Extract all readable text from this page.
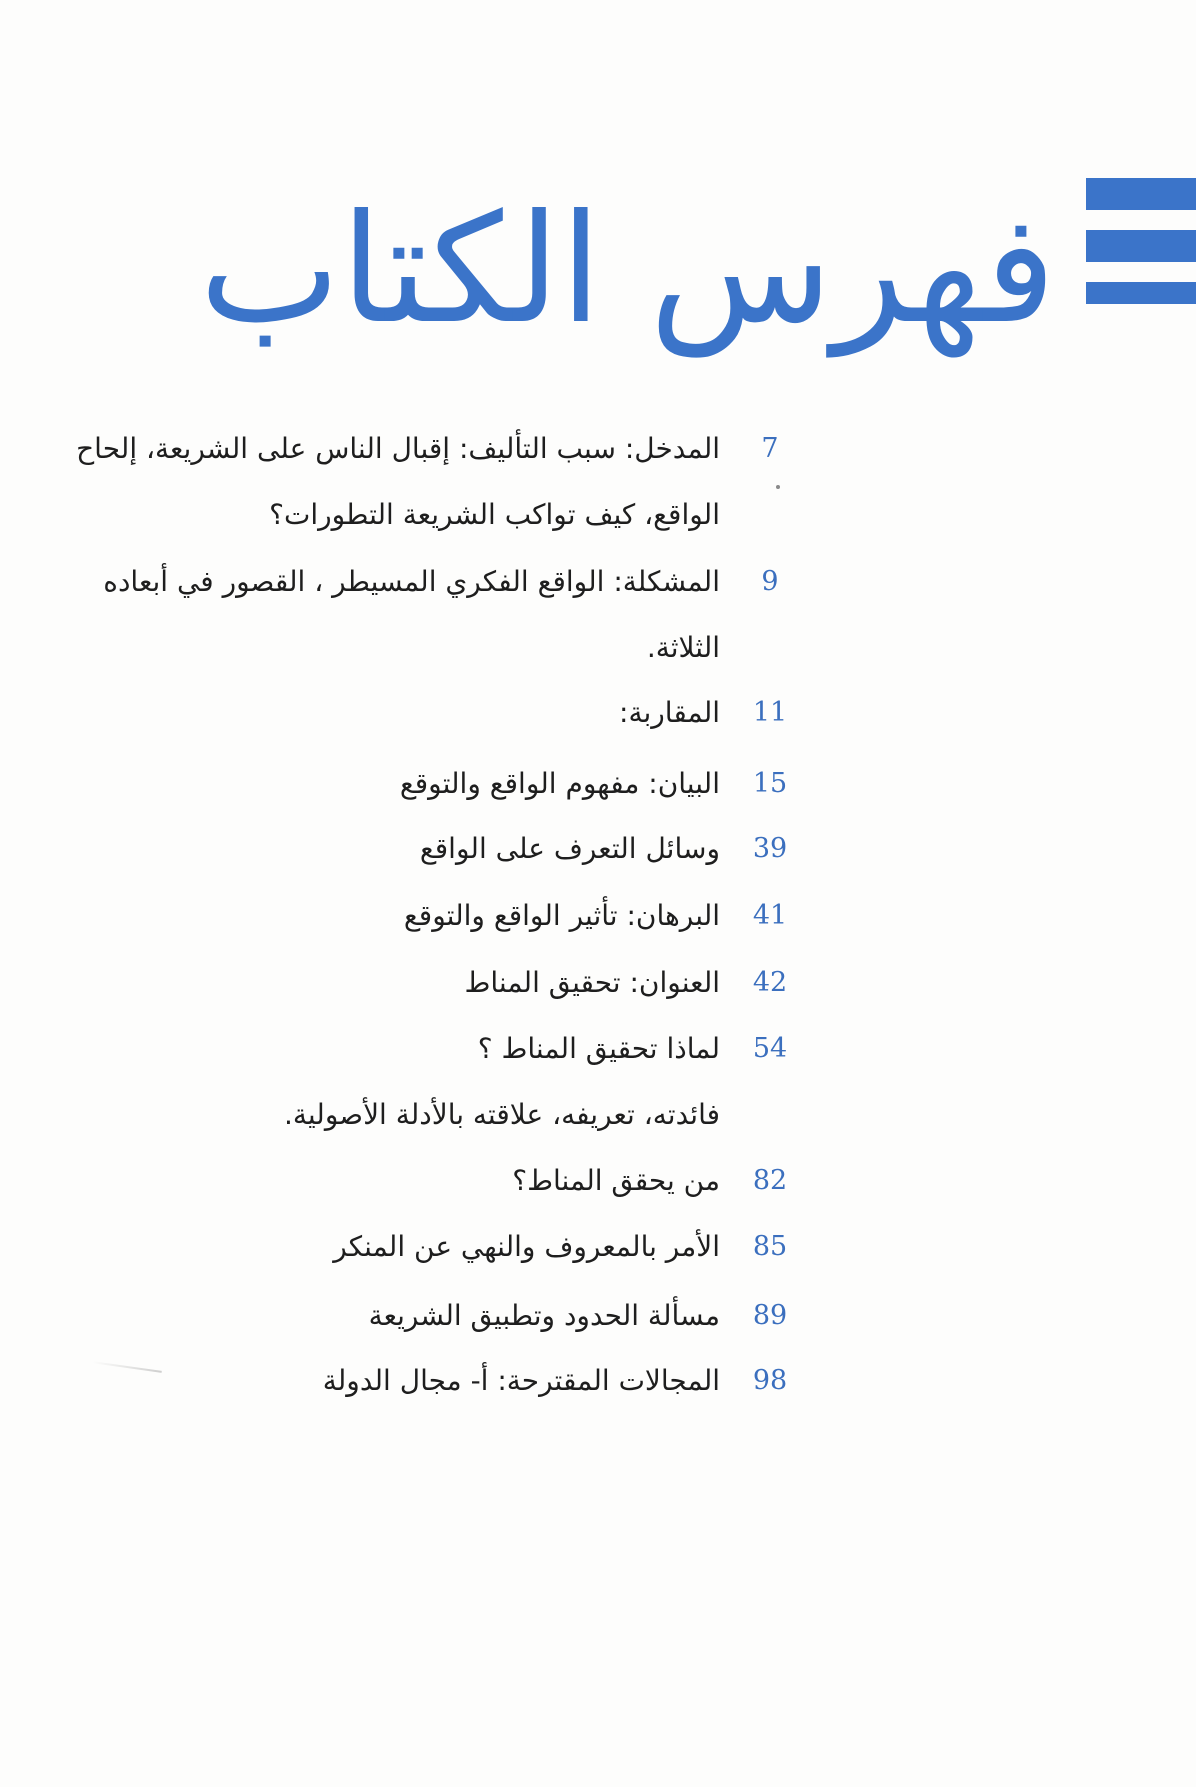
فهرس الكتاب
7
المدخل: سبب التأليف: إقبال الناس على الشريعة، إلحاح
الواقع، كيف تواكب الشريعة التطورات؟
9
المشكلة: الواقع الفكري المسيطر ، القصور في أبعاده
الثلاثة.
11
المقاربة:
15
البيان: مفهوم الواقع والتوقع
39
وسائل التعرف على الواقع
41
البرهان: تأثير الواقع والتوقع
42
العنوان: تحقيق المناط
54
لماذا تحقيق المناط ؟
فائدته، تعريفه، علاقته بالأدلة الأصولية.
82
من يحقق المناط؟
85
الأمر بالمعروف والنهي عن المنكر
89
مسألة الحدود وتطبيق الشريعة
98
المجالات المقترحة: أ- مجال الدولة
